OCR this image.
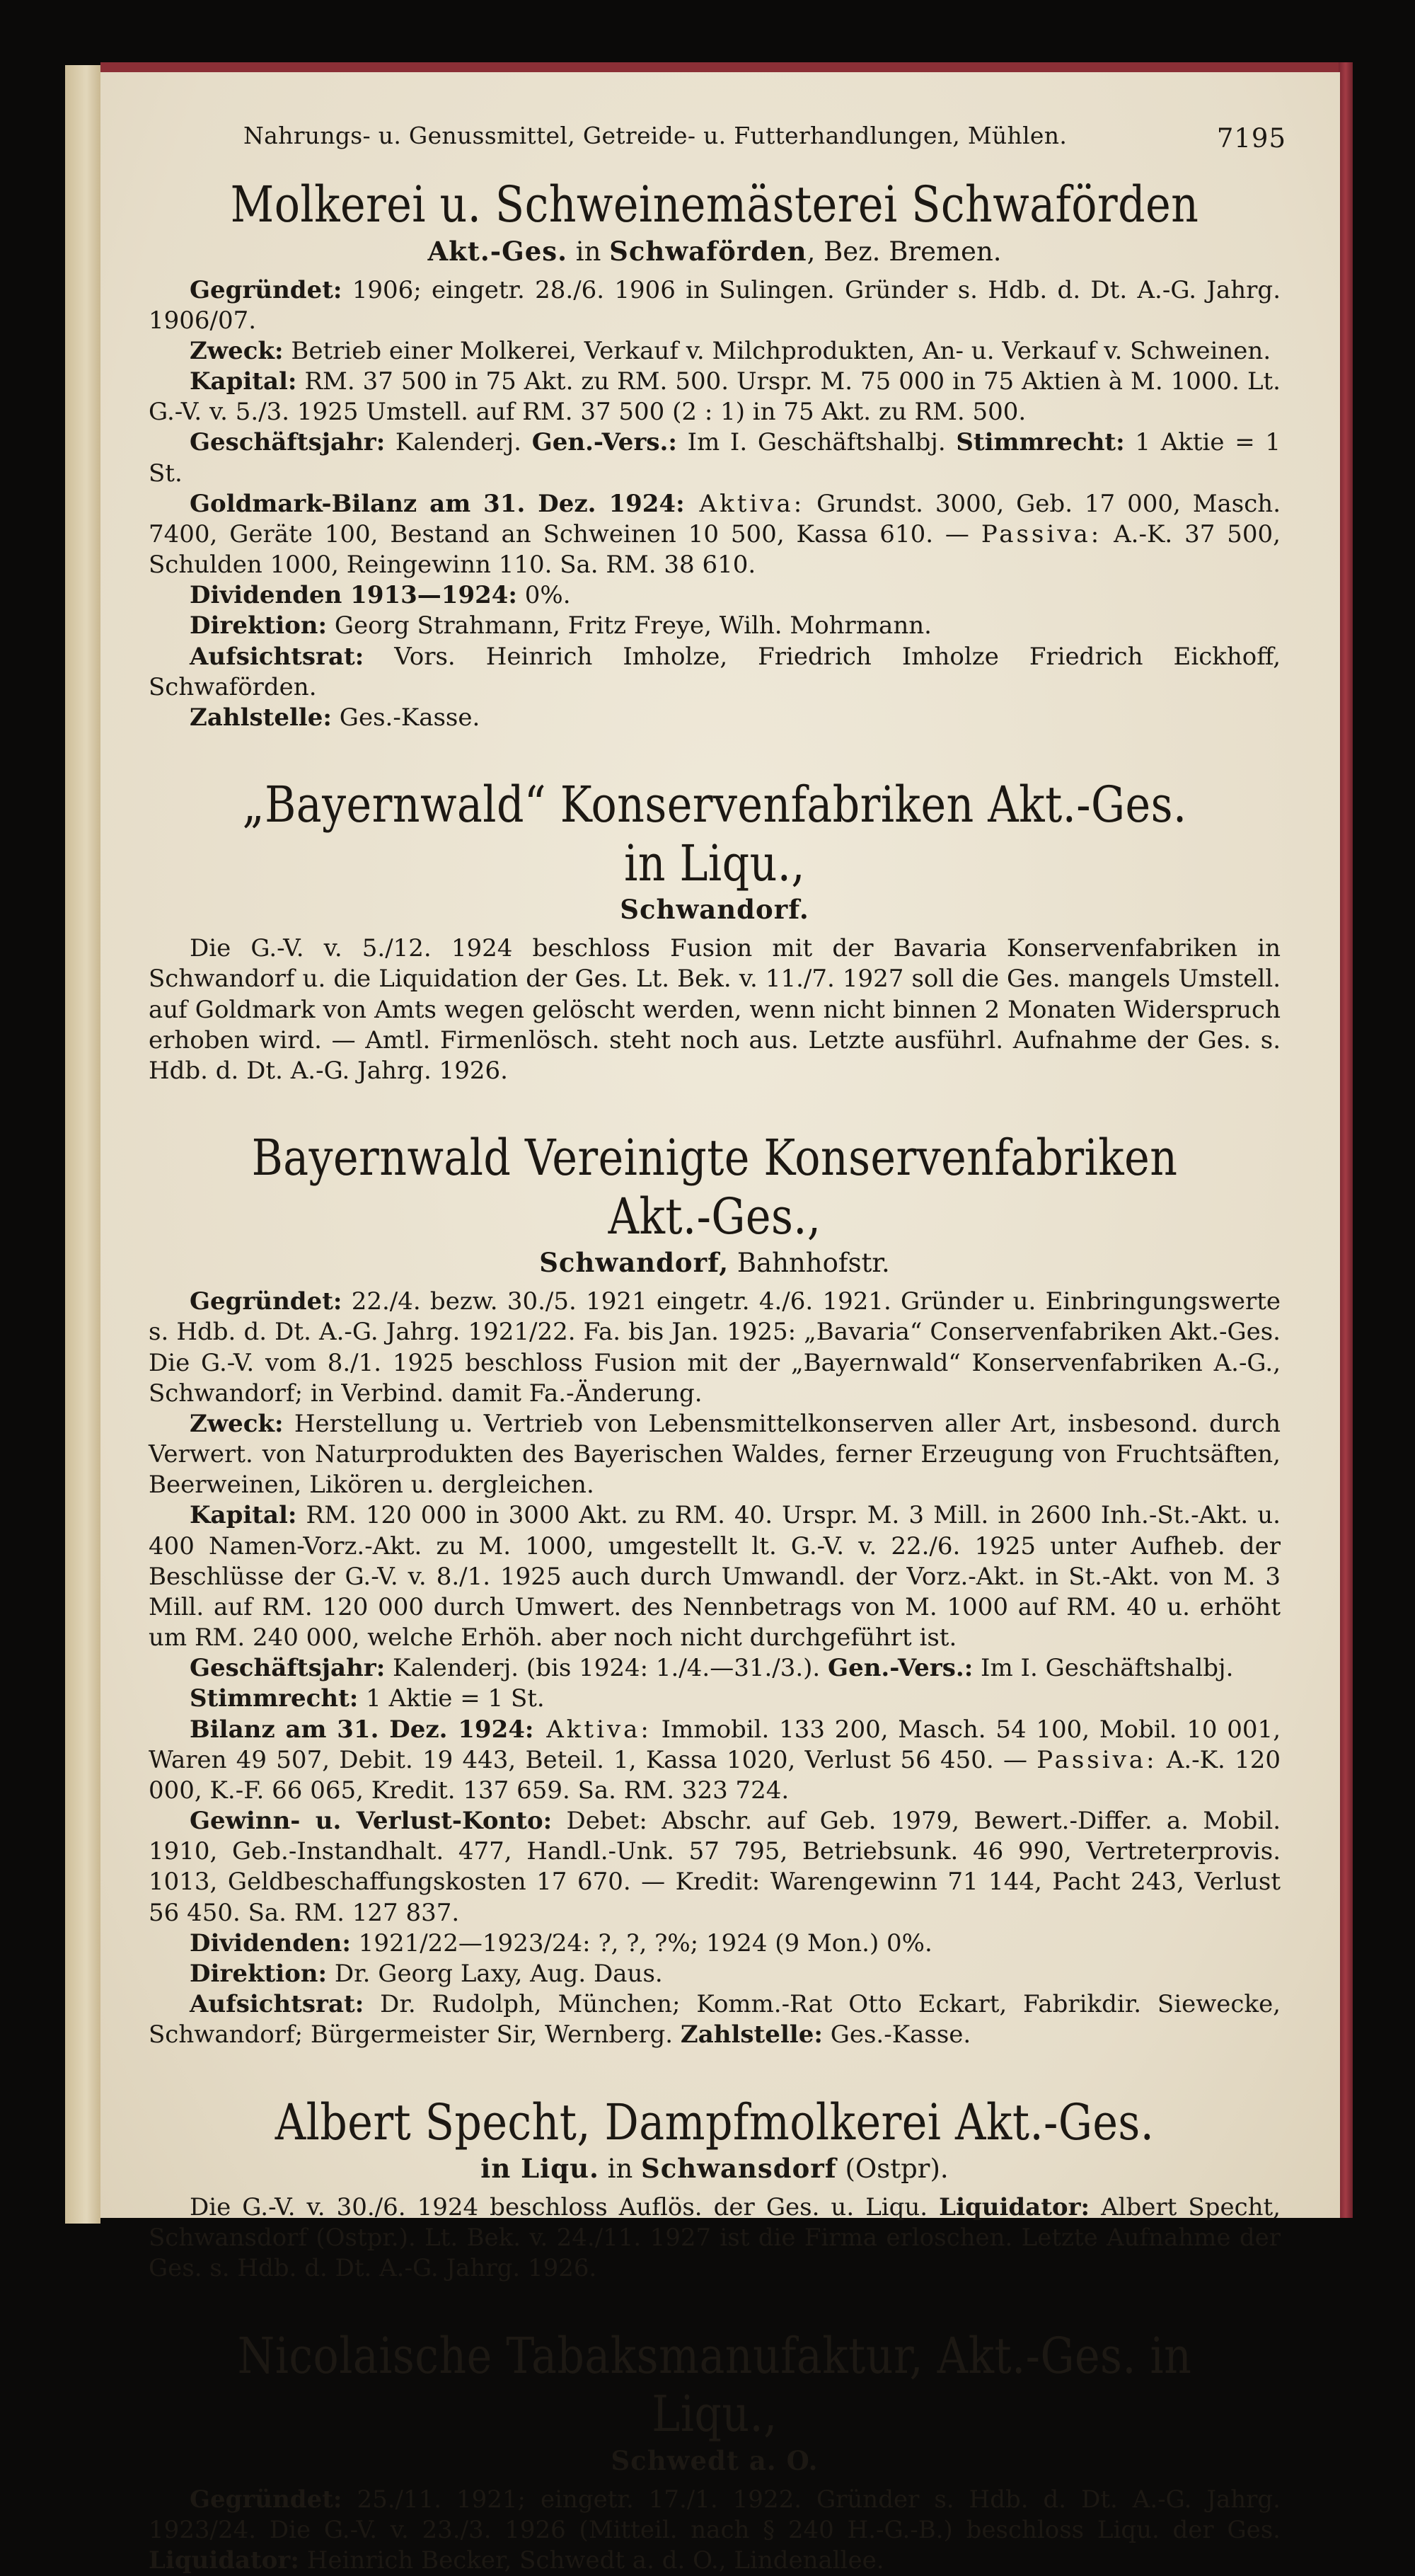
Nahrungs- u. Genussmittel, Getreide- u. Futterhandlungen, Mühlen.	7195
Molkerei u. Schweinemästerei Schwaförden
Akt.-Ges. in Schwaförden, Bez. Bremen.

Gegründet: 1906; eingetr. 28./6. 1906 in Sulingen. Gründer s. Hdb. d. Dt. A.-G. Jahrg. 1906/07.

Zweck: Betrieb einer Molkerei, Verkauf v. Milchprodukten, An- u. Verkauf v. Schweinen.

Kapital: RM. 37 500 in 75 Akt. zu RM. 500. Urspr. M. 75 000 in 75 Aktien à M. 1000. Lt. G.-V. v. 5./3. 1925 Umstell. auf RM. 37 500 (2 : 1) in 75 Akt. zu RM. 500.

Geschäftsjahr: Kalenderj. Gen.-Vers.: Im I. Geschäftshalbj. Stimmrecht: 1 Aktie = 1 St.

Goldmark-Bilanz am 31. Dez. 1924: Aktiva: Grundst. 3000, Geb. 17 000, Masch. 7400, Geräte 100, Bestand an Schweinen 10 500, Kassa 610. — Passiva: A.-K. 37 500, Schulden 1000, Reingewinn 110. Sa. RM. 38 610.

Dividenden 1913—1924: 0%.

Direktion: Georg Strahmann, Fritz Freye, Wilh. Mohrmann.

Aufsichtsrat: Vors. Heinrich Imholze, Friedrich Imholze Friedrich Eickhoff, Schwaförden.

Zahlstelle: Ges.-Kasse.

„Bayernwald“ Konservenfabriken Akt.-Ges. in Liqu.,
Schwandorf.

Die G.-V. v. 5./12. 1924 beschloss Fusion mit der Bavaria Konservenfabriken in Schwandorf u. die Liquidation der Ges. Lt. Bek. v. 11./7. 1927 soll die Ges. mangels Umstell. auf Goldmark von Amts wegen gelöscht werden, wenn nicht binnen 2 Monaten Widerspruch erhoben wird. — Amtl. Firmenlösch. steht noch aus. Letzte ausführl. Aufnahme der Ges. s. Hdb. d. Dt. A.-G. Jahrg. 1926.

Bayernwald Vereinigte Konservenfabriken Akt.-Ges.,
Schwandorf, Bahnhofstr.

Gegründet: 22./4. bezw. 30./5. 1921 eingetr. 4./6. 1921. Gründer u. Einbringungswerte s. Hdb. d. Dt. A.-G. Jahrg. 1921/22. Fa. bis Jan. 1925: „Bavaria“ Conservenfabriken Akt.-Ges. Die G.-V. vom 8./1. 1925 beschloss Fusion mit der „Bayernwald“ Konservenfabriken A.-G., Schwandorf; in Verbind. damit Fa.-Änderung.

Zweck: Herstellung u. Vertrieb von Lebensmittelkonserven aller Art, insbesond. durch Verwert. von Naturprodukten des Bayerischen Waldes, ferner Erzeugung von Fruchtsäften, Beerweinen, Likören u. dergleichen.

Kapital: RM. 120 000 in 3000 Akt. zu RM. 40. Urspr. M. 3 Mill. in 2600 Inh.-St.-Akt. u. 400 Namen-Vorz.-Akt. zu M. 1000, umgestellt lt. G.-V. v. 22./6. 1925 unter Aufheb. der Beschlüsse der G.-V. v. 8./1. 1925 auch durch Umwandl. der Vorz.-Akt. in St.-Akt. von M. 3 Mill. auf RM. 120 000 durch Umwert. des Nennbetrags von M. 1000 auf RM. 40 u. erhöht um RM. 240 000, welche Erhöh. aber noch nicht durchgeführt ist.

Geschäftsjahr: Kalenderj. (bis 1924: 1./4.—31./3.). Gen.-Vers.: Im I. Geschäftshalbj.

Stimmrecht: 1 Aktie = 1 St.

Bilanz am 31. Dez. 1924: Aktiva: Immobil. 133 200, Masch. 54 100, Mobil. 10 001, Waren 49 507, Debit. 19 443, Beteil. 1, Kassa 1020, Verlust 56 450. — Passiva: A.-K. 120 000, K.-F. 66 065, Kredit. 137 659. Sa. RM. 323 724.

Gewinn- u. Verlust-Konto: Debet: Abschr. auf Geb. 1979, Bewert.-Differ. a. Mobil. 1910, Geb.-Instandhalt. 477, Handl.-Unk. 57 795, Betriebsunk. 46 990, Vertreterprovis. 1013, Geldbeschaffungskosten 17 670. — Kredit: Warengewinn 71 144, Pacht 243, Verlust 56 450. Sa. RM. 127 837.

Dividenden: 1921/22—1923/24: ?, ?, ?%; 1924 (9 Mon.) 0%.

Direktion: Dr. Georg Laxy, Aug. Daus.

Aufsichtsrat: Dr. Rudolph, München; Komm.-Rat Otto Eckart, Fabrikdir. Siewecke, Schwandorf; Bürgermeister Sir, Wernberg. Zahlstelle: Ges.-Kasse.

Albert Specht, Dampfmolkerei Akt.-Ges.
in Liqu. in Schwansdorf (Ostpr).

Die G.-V. v. 30./6. 1924 beschloss Auflös. der Ges. u. Liqu. Liquidator: Albert Specht, Schwansdorf (Ostpr.). Lt. Bek. v. 24./11. 1927 ist die Firma erloschen. Letzte Aufnahme der Ges. s. Hdb. d. Dt. A.-G. Jahrg. 1926.

Nicolaische Tabaksmanufaktur, Akt.-Ges. in Liqu.,
Schwedt a. O.

Gegründet: 25./11. 1921; eingetr. 17./1. 1922. Gründer s. Hdb. d. Dt. A.-G. Jahrg. 1923/24. Die G.-V. v. 23./3. 1926 (Mitteil. nach § 240 H.-G.-B.) beschloss Liqu. der Ges. Liquidator: Heinrich Becker, Schwedt a. d. O., Lindenallee.
